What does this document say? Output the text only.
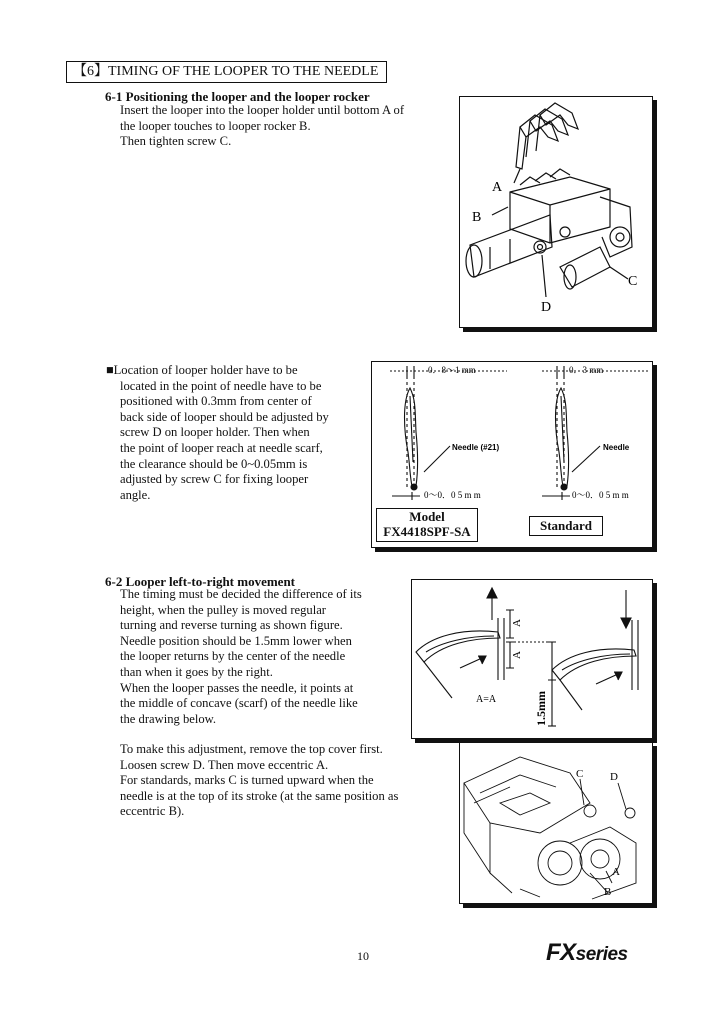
【6】TIMING OF THE LOOPER TO THE NEEDLE
6-1 Positioning the looper and the looper rocker
Insert the looper into the looper holder until bottom A of
the looper touches to looper rocker B.
Then tighten screw C.
A
B
C
D
■Location of looper holder have to be
located in the point of needle have to be
positioned with 0.3mm from center of
back side of looper should be adjusted by
screw D on looper holder. Then when
the point of looper reach at needle scarf,
the clearance should be 0~0.05mm is
adjusted by screw C for fixing looper
angle.
0．8～1 mm	0．3 mm
Needle (#21)	Needle
0～0．0 5 m m	0～0．0 5 m m
Model
FX4418SPF-SA	Standard
6-2 Looper left-to-right movement
The timing must be decided the difference of its
height, when the pulley is moved regular
turning and reverse turning as shown figure.
Needle position should be 1.5mm lower when
the looper returns by the center of the needle
than when it goes by the right.
When the looper passes the needle, it points at
the middle of concave (scarf) of the needle like
the drawing below.
A
A
A=A	1.5mm
To make this adjustment, remove the top cover first.
Loosen screw D. Then move eccentric A.
For standards, marks C is turned upward when the
needle is at the top of its stroke (at the same position as
eccentric B).
C D
A
B
10	FXseries
